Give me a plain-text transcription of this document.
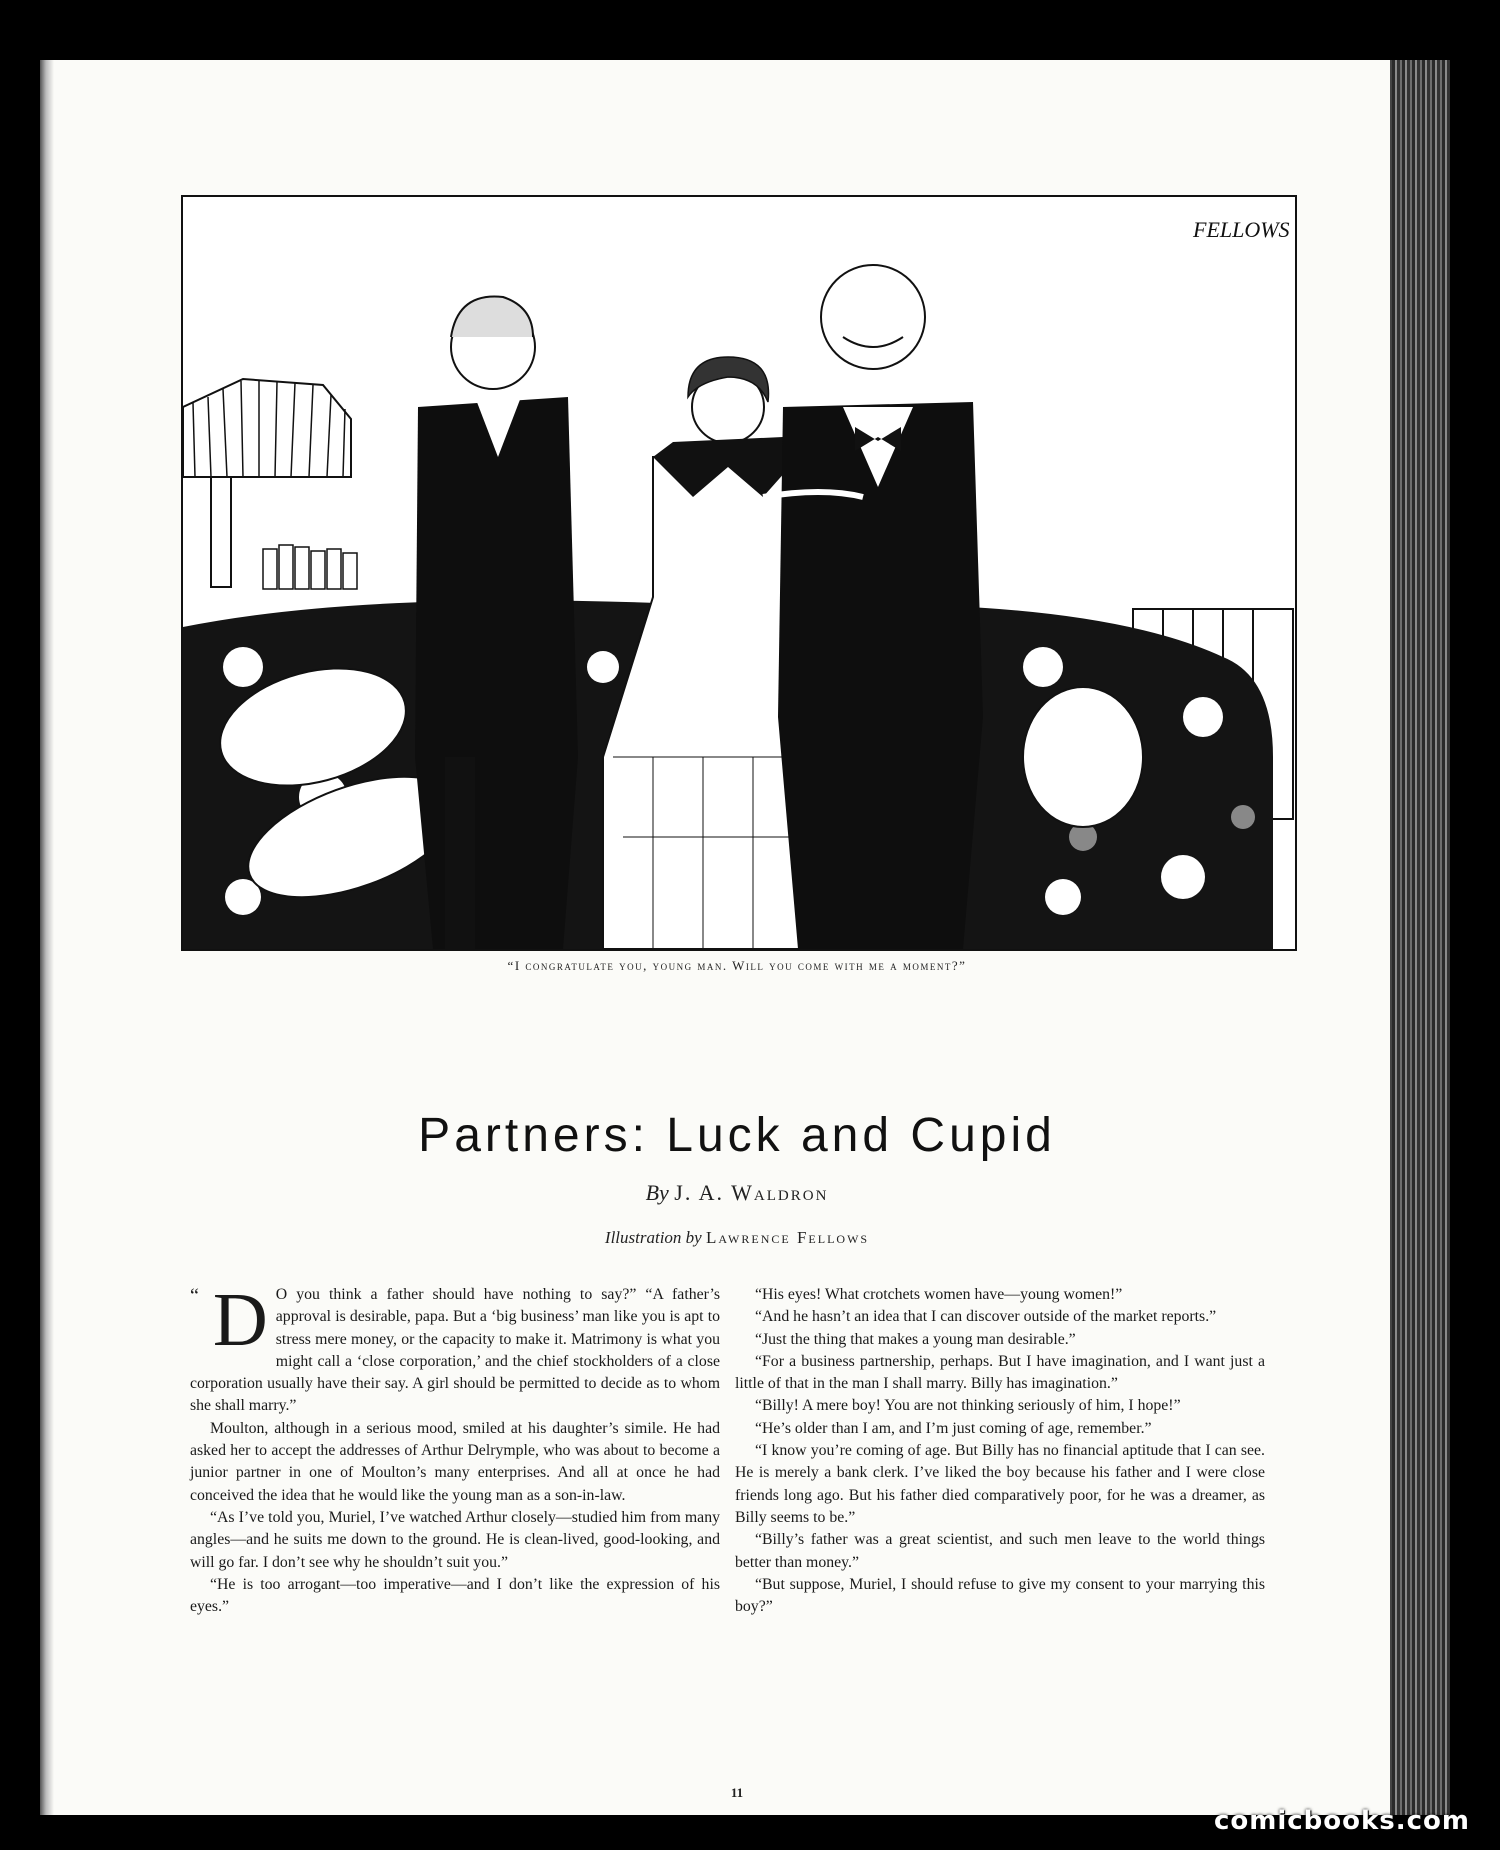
FELLOWS
“I congratulate you, young man. Will you come with me a moment?”
Partners: Luck and Cupid

By J. A. Waldron

Illustration by Lawrence Fellows

“ D O you think a father should have nothing to say?” “A father’s approval is desirable, papa. But a ‘big business’ man like you is apt to stress mere money, or the capacity to make it. Matrimony is what you might call a ‘close corporation,’ and the chief stockholders of a close corporation usually have their say. A girl should be permitted to decide as to whom she shall marry.”

Moulton, although in a serious mood, smiled at his daughter’s simile. He had asked her to accept the addresses of Arthur Delrymple, who was about to become a junior partner in one of Moulton’s many enterprises. And all at once he had conceived the idea that he would like the young man as a son-in-law.

“As I’ve told you, Muriel, I’ve watched Arthur closely—studied him from many angles—and he suits me down to the ground. He is clean-lived, good-looking, and will go far. I don’t see why he shouldn’t suit you.”

“He is too arrogant—too imperative—and I don’t like the expression of his eyes.”

“His eyes! What crotchets women have—young women!”

“And he hasn’t an idea that I can discover outside of the market reports.”

“Just the thing that makes a young man desirable.”

“For a business partnership, perhaps. But I have imagination, and I want just a little of that in the man I shall marry. Billy has imagination.”

“Billy! A mere boy! You are not thinking seriously of him, I hope!”

“He’s older than I am, and I’m just coming of age, remember.”

“I know you’re coming of age. But Billy has no financial aptitude that I can see. He is merely a bank clerk. I’ve liked the boy because his father and I were close friends long ago. But his father died comparatively poor, for he was a dreamer, as Billy seems to be.”

“Billy’s father was a great scientist, and such men leave to the world things better than money.”

“But suppose, Muriel, I should refuse to give my consent to your marrying this boy?”

11
comicbooks.com
